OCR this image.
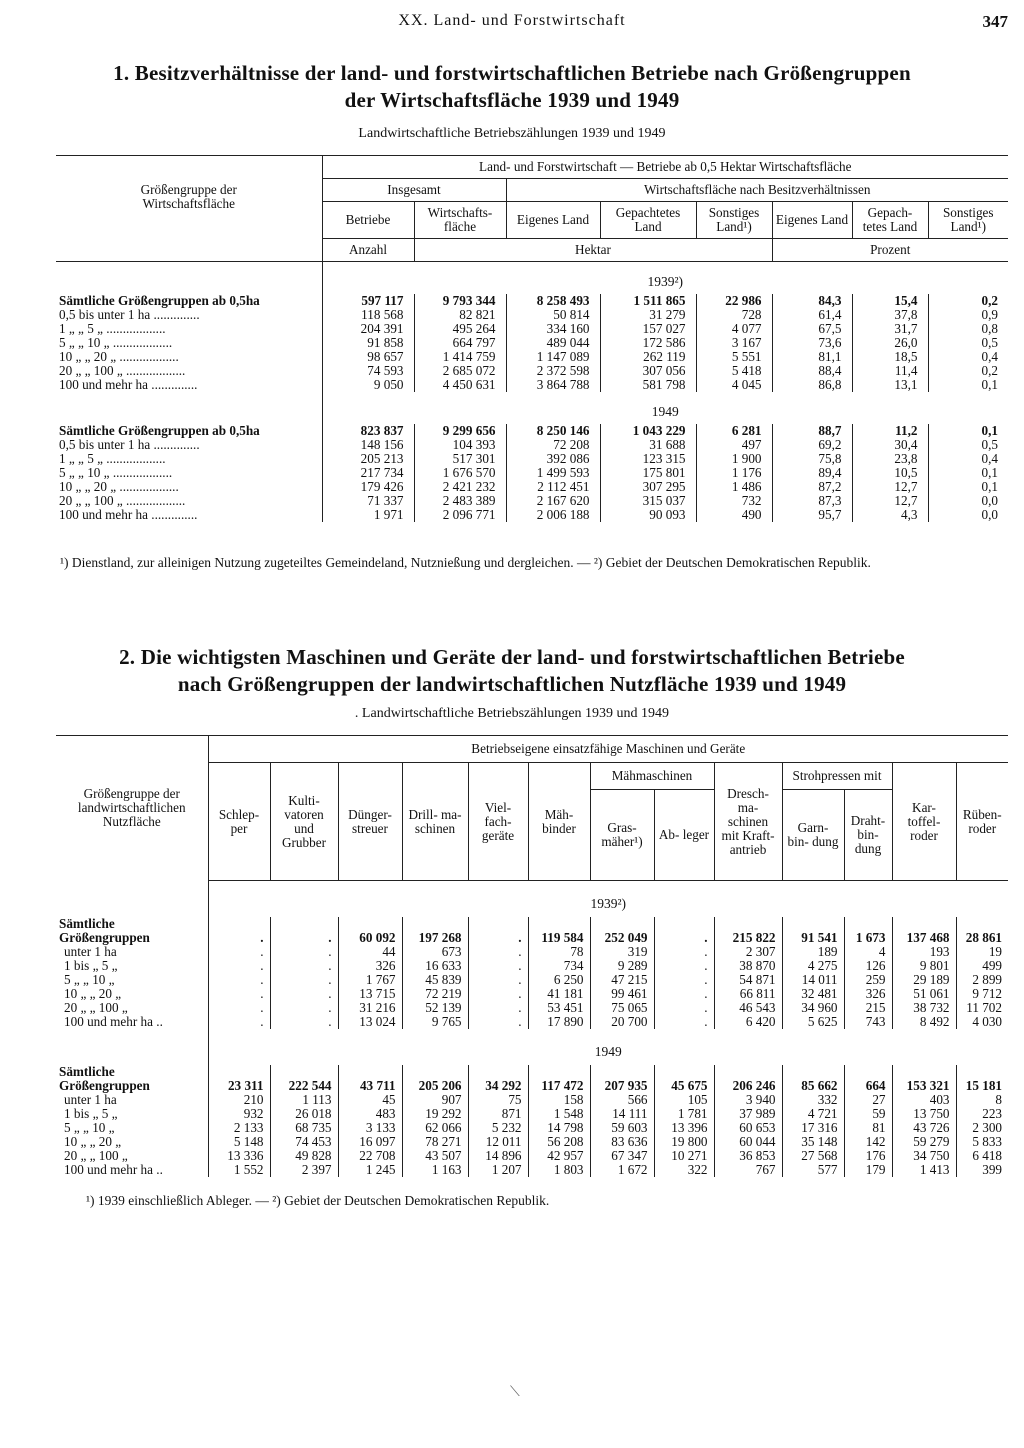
XX. Land- und Forstwirtschaft	347
1. Besitzverhältnisse der land- und forstwirtschaftlichen Betriebe nach Größengruppen
der Wirtschaftsfläche 1939 und 1949
Landwirtschaftliche Betriebszählungen 1939 und 1949
Größengruppe der Wirtschaftsfläche	Land- und Forstwirtschaft — Betriebe ab 0,5 Hektar Wirtschaftsfläche							
	Insgesamt		Wirtschaftsfläche nach Besitzverhältnissen					
	Betriebe	Wirtschafts- fläche	Eigenes Land	Gepachtetes Land	Sonstiges Land¹)	Eigenes Land	Gepach- tetes Land	Sonstiges Land¹)
	Anzahl	Hektar				Prozent		
	1939²)							
Sämtliche Größengruppen ab 0,5ha	597 117	9 793 344	8 258 493	1 511 865	22 986	84,3	15,4	0,2
0,5 bis unter 1 ha ..............	118 568	82 821	50 814	31 279	728	61,4	37,8	0,9
1 „ „ 5 „ ..................	204 391	495 264	334 160	157 027	4 077	67,5	31,7	0,8
5 „ „ 10 „ ..................	91 858	664 797	489 044	172 586	3 167	73,6	26,0	0,5
10 „ „ 20 „ ..................	98 657	1 414 759	1 147 089	262 119	5 551	81,1	18,5	0,4
20 „ „ 100 „ ..................	74 593	2 685 072	2 372 598	307 056	5 418	88,4	11,4	0,2
100 und mehr ha ..............	9 050	4 450 631	3 864 788	581 798	4 045	86,8	13,1	0,1
	1949							
Sämtliche Größengruppen ab 0,5ha	823 837	9 299 656	8 250 146	1 043 229	6 281	88,7	11,2	0,1
0,5 bis unter 1 ha ..............	148 156	104 393	72 208	31 688	497	69,2	30,4	0,5
1 „ „ 5 „ ..................	205 213	517 301	392 086	123 315	1 900	75,8	23,8	0,4
5 „ „ 10 „ ..................	217 734	1 676 570	1 499 593	175 801	1 176	89,4	10,5	0,1
10 „ „ 20 „ ..................	179 426	2 421 232	2 112 451	307 295	1 486	87,2	12,7	0,1
20 „ „ 100 „ ..................	71 337	2 483 389	2 167 620	315 037	732	87,3	12,7	0,0
100 und mehr ha ..............	1 971	2 096 771	2 006 188	90 093	490	95,7	4,3	0,0
¹) Dienstland, zur alleinigen Nutzung zugeteiltes Gemeindeland, Nutznießung und dergleichen. — ²) Gebiet der Deutschen Demokratischen Republik.
2. Die wichtigsten Maschinen und Geräte der land- und forstwirtschaftlichen Betriebe
nach Größengruppen der landwirtschaftlichen Nutzfläche 1939 und 1949
. Landwirtschaftliche Betriebszählungen 1939 und 1949
Größengruppe der landwirtschaftlichen Nutzfläche	Betriebseigene einsatzfähige Maschinen und Geräte												
	Schlep- per	Kulti- vatoren und Grubber	Dünger- streuer	Drill- ma- schinen	Viel- fach- geräte	Mäh- binder	Mähmaschinen		Dresch- ma- schinen mit Kraft- antrieb	Strohpressen mit		Kar- toffel- roder	Rüben- roder
							Gras- mäher¹)	Ab- leger		Garn- bin- dung	Draht- bin- dung		

	1939²)												
Sämtliche													
Größengruppen	.	.	60 092	197 268	.	119 584	252 049	.	215 822	91 541	1 673	137 468	28 861
unter 1 ha	.	.	44	673	.	78	319	.	2 307	189	4	193	19
1 bis „ 5 „	.	.	326	16 633	.	734	9 289	.	38 870	4 275	126	9 801	499
5 „ „ 10 „	.	.	1 767	45 839	.	6 250	47 215	.	54 871	14 011	259	29 189	2 899
10 „ „ 20 „	.	.	13 715	72 219	.	41 181	99 461	.	66 811	32 481	326	51 061	9 712
20 „ „ 100 „	.	.	31 216	52 139	.	53 451	75 065	.	46 543	34 960	215	38 732	11 702
100 und mehr ha ..	.	.	13 024	9 765	.	17 890	20 700	.	6 420	5 625	743	8 492	4 030
	1949												
Sämtliche													
Größengruppen	23 311	222 544	43 711	205 206	34 292	117 472	207 935	45 675	206 246	85 662	664	153 321	15 181
unter 1 ha	210	1 113	45	907	75	158	566	105	3 940	332	27	403	8
1 bis „ 5 „	932	26 018	483	19 292	871	1 548	14 111	1 781	37 989	4 721	59	13 750	223
5 „ „ 10 „	2 133	68 735	3 133	62 066	5 232	14 798	59 603	13 396	60 653	17 316	81	43 726	2 300
10 „ „ 20 „	5 148	74 453	16 097	78 271	12 011	56 208	83 636	19 800	60 044	35 148	142	59 279	5 833
20 „ „ 100 „	13 336	49 828	22 708	43 507	14 896	42 957	67 347	10 271	36 853	27 568	176	34 750	6 418
100 und mehr ha ..	1 552	2 397	1 245	1 163	1 207	1 803	1 672	322	767	577	179	1 413	399
¹) 1939 einschließlich Ableger. — ²) Gebiet der Deutschen Demokratischen Republik.
⟍
